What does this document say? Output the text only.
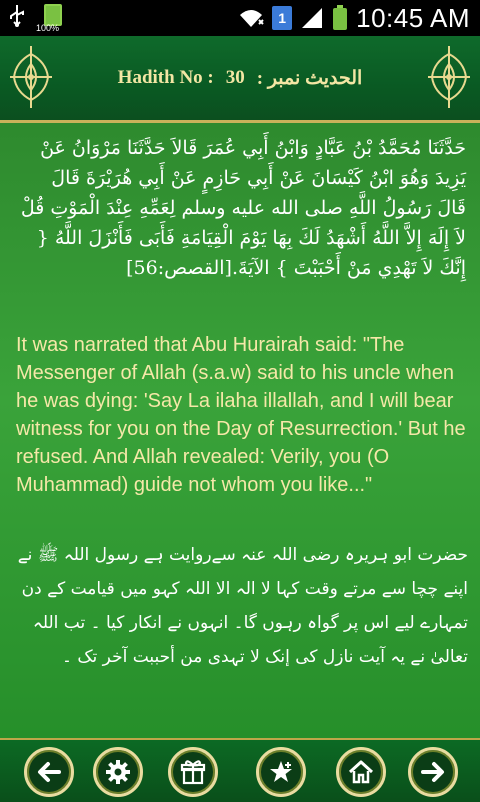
100%
1	10:45 AM
Hadith No : 30 الحديث نمبر :
حَدَّثَنَا مُحَمَّدُ بْنُ عَبَّادٍ وَابْنُ أَبِي عُمَرَ قَالاَ حَدَّثَنَا مَرْوَانُ عَنْ يَزِيدَ وَهُوَ ابْنُ كَيْسَانَ عَنْ أَبِي حَازِمٍ عَنْ أَبِي هُرَيْرَةَ قَالَ قَالَ رَسُولُ اللَّهِ صلى الله عليه وسلم لِعَمِّهِ عِنْدَ الْمَوْتِ قُلْ لاَ إِلَهَ إِلاَّ اللَّهُ أَشْهَدُ لَكَ بِهَا يَوْمَ الْقِيَامَةِ فَأَبَى فَأَنْزَلَ اللَّهُ { إِنَّكَ لاَ تَهْدِي مَنْ أَحْبَبْتَ } الآيَةَ.[القصص:56]
It was narrated that Abu Hurairah said: "The Messenger of Allah (s.a.w) said to his uncle when he was dying: 'Say La ilaha illallah, and I will bear witness for you on the Day of Resurrection.' But he refused. And Allah revealed: Verily, you (O Muhammad) guide not whom you like..."
حضرت ابو ہریرہ رضی اللہ عنہ سےروایت ہے رسول اللہ ﷺ نے اپنے چچا سے مرتے وقت کہا لا الہ الا اللہ کہو میں قیامت کے دن تمہارے لیے اس پر گواہ رہوں گا۔ انہوں نے انکار کیا ۔ تب اللہ تعالیٰ نے یہ آیت نازل کی إنک لا تہدی من أحببت آخر تک ۔
